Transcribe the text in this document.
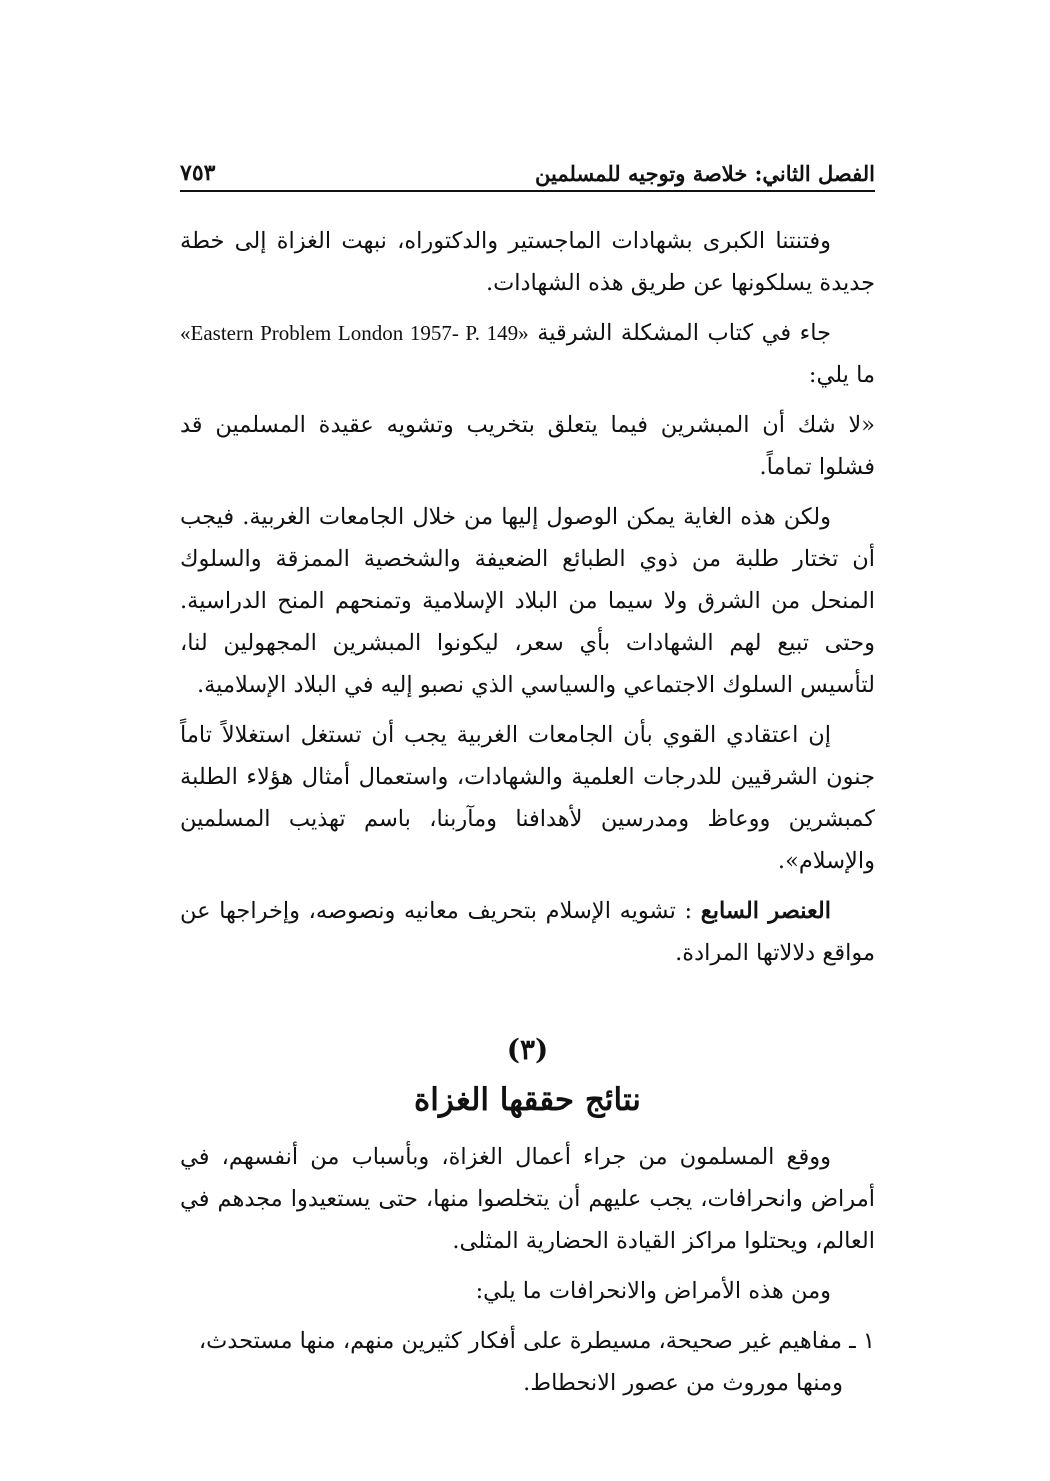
الفصل الثاني: خلاصة وتوجيه للمسلمين
٧٥٣

وفتنتنا الكبرى بشهادات الماجستير والدكتوراه، نبهت الغزاة إلى خطة جديدة يسلكونها عن طريق هذه الشهادات.

جاء في كتاب المشكلة الشرقية «Eastern Problem London 1957- P. 149» ما يلي:

«لا شك أن المبشرين فيما يتعلق بتخريب وتشويه عقيدة المسلمين قد فشلوا تماماً.

ولكن هذه الغاية يمكن الوصول إليها من خلال الجامعات الغربية. فيجب أن تختار طلبة من ذوي الطبائع الضعيفة والشخصية الممزقة والسلوك المنحل من الشرق ولا سيما من البلاد الإسلامية وتمنحهم المنح الدراسية. وحتى تبيع لهم الشهادات بأي سعر، ليكونوا المبشرين المجهولين لنا، لتأسيس السلوك الاجتماعي والسياسي الذي نصبو إليه في البلاد الإسلامية.

إن اعتقادي القوي بأن الجامعات الغربية يجب أن تستغل استغلالاً تاماً جنون الشرقيين للدرجات العلمية والشهادات، واستعمال أمثال هؤلاء الطلبة كمبشرين ووعاظ ومدرسين لأهدافنا ومآربنا، باسم تهذيب المسلمين والإسلام».

العنصر السابع : تشويه الإسلام بتحريف معانيه ونصوصه، وإخراجها عن مواقع دلالاتها المرادة.

(٣)
نتائج حققها الغزاة

ووقع المسلمون من جراء أعمال الغزاة، وبأسباب من أنفسهم، في أمراض وانحرافات، يجب عليهم أن يتخلصوا منها، حتى يستعيدوا مجدهم في العالم، ويحتلوا مراكز القيادة الحضارية المثلى.

ومن هذه الأمراض والانحرافات ما يلي:

١ ـ مفاهيم غير صحيحة، مسيطرة على أفكار كثيرين منهم، منها مستحدث،
ومنها موروث من عصور الانحطاط.
